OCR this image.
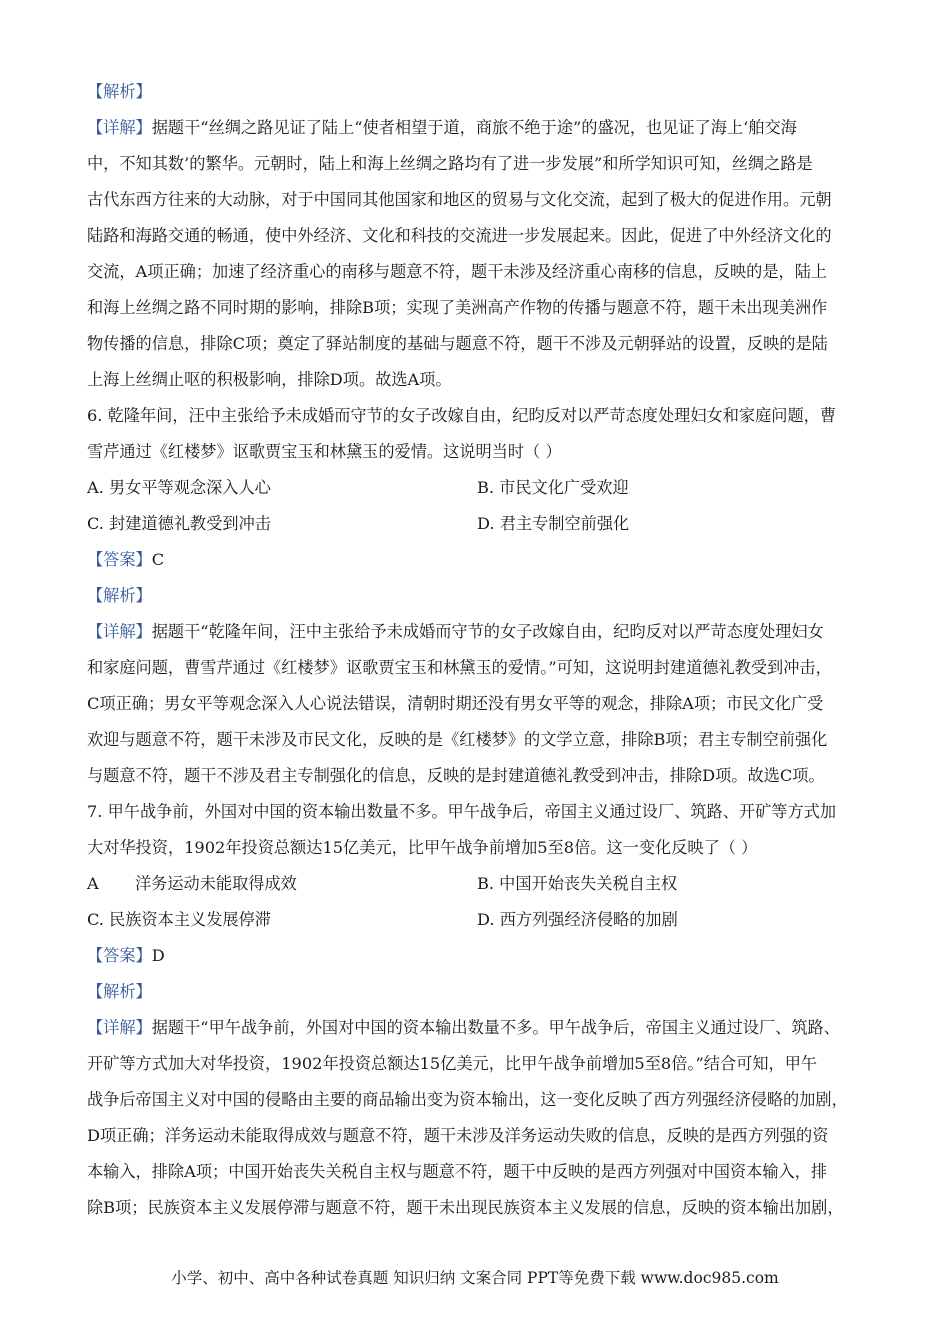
【解析】
【详解】据题干“丝绸之路见证了陆上“使者相望于道，商旅不绝于途”的盛况，也见证了海上‘舶交海
中，不知其数’的繁华。元朝时，陆上和海上丝绸之路均有了进一步发展”和所学知识可知，丝绸之路是
古代东西方往来的大动脉，对于中国同其他国家和地区的贸易与文化交流，起到了极大的促进作用。元朝
陆路和海路交通的畅通，使中外经济、文化和科技的交流进一步发展起来。因此，促进了中外经济文化的
交流，A项正确；加速了经济重心的南移与题意不符，题干未涉及经济重心南移的信息，反映的是，陆上
和海上丝绸之路不同时期的影响，排除B项；实现了美洲高产作物的传播与题意不符，题干未出现美洲作
物传播的信息，排除C项；奠定了驿站制度的基础与题意不符，题干不涉及元朝驿站的设置，反映的是陆
上海上丝绸止呕的积极影响，排除D项。故选A项。
6. 乾隆年间，汪中主张给予未成婚而守节的女子改嫁自由，纪昀反对以严苛态度处理妇女和家庭问题，曹
雪芹通过《红楼梦》讴歌贾宝玉和林黛玉的爱情。这说明当时（ ）
A. 男女平等观念深入人心	B. 市民文化广受欢迎
C. 封建道德礼教受到冲击	D. 君主专制空前强化
【答案】C
【解析】
【详解】据题干“乾隆年间，汪中主张给予未成婚而守节的女子改嫁自由，纪昀反对以严苛态度处理妇女
和家庭问题，曹雪芹通过《红楼梦》讴歌贾宝玉和林黛玉的爱情。”可知，这说明封建道德礼教受到冲击，
C项正确；男女平等观念深入人心说法错误，清朝时期还没有男女平等的观念，排除A项；市民文化广受
欢迎与题意不符，题干未涉及市民文化，反映的是《红楼梦》的文学立意，排除B项；君主专制空前强化
与题意不符，题干不涉及君主专制强化的信息，反映的是封建道德礼教受到冲击，排除D项。故选C项。
7. 甲午战争前，外国对中国的资本输出数量不多。甲午战争后，帝国主义通过设厂、筑路、开矿等方式加
大对华投资，1902年投资总额达15亿美元，比甲午战争前增加5至8倍。这一变化反映了（ ）
A 洋务运动未能取得成效	B. 中国开始丧失关税自主权
C. 民族资本主义发展停滞	D. 西方列强经济侵略的加剧
【答案】D
【解析】
【详解】据题干“甲午战争前，外国对中国的资本输出数量不多。甲午战争后，帝国主义通过设厂、筑路、
开矿等方式加大对华投资，1902年投资总额达15亿美元，比甲午战争前增加5至8倍。”结合可知，甲午
战争后帝国主义对中国的侵略由主要的商品输出变为资本输出，这一变化反映了西方列强经济侵略的加剧，
D项正确；洋务运动未能取得成效与题意不符，题干未涉及洋务运动失败的信息，反映的是西方列强的资
本输入，排除A项；中国开始丧失关税自主权与题意不符，题干中反映的是西方列强对中国资本输入，排
除B项；民族资本主义发展停滞与题意不符，题干未出现民族资本主义发展的信息，反映的资本输出加剧，
小学、初中、高中各种试卷真题 知识归纳 文案合同 PPT等免费下载 www.doc985.com
